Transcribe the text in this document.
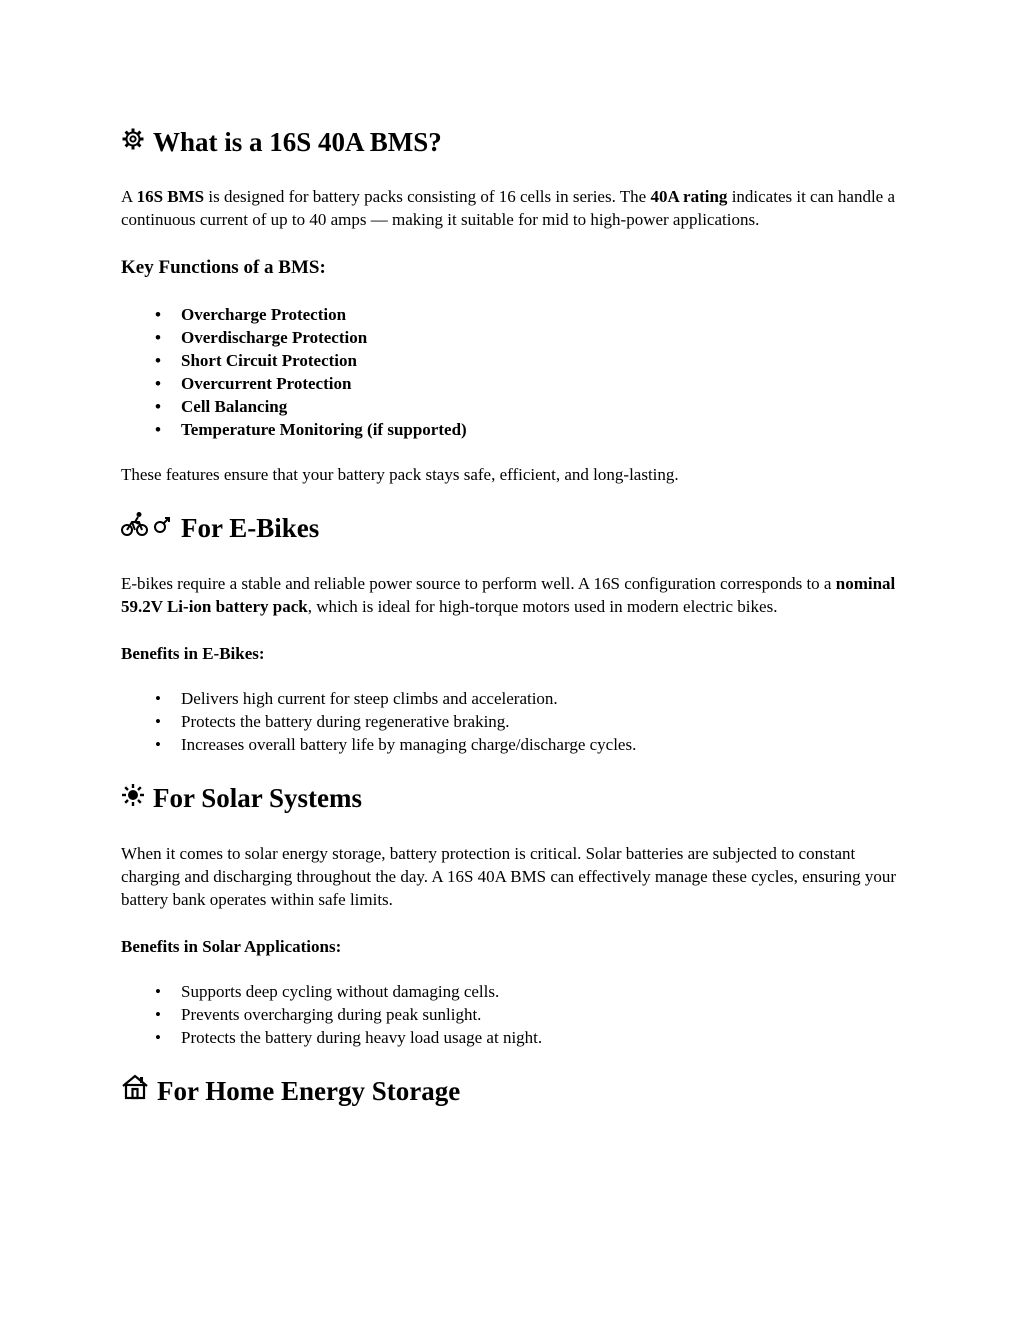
What is a 16S 40A BMS?

A 16S BMS is designed for battery packs consisting of 16 cells in series. The 40A rating indicates it can handle a continuous current of up to 40 amps — making it suitable for mid to high-power applications.

Key Functions of a BMS:
• Overcharge Protection
• Overdischarge Protection
• Short Circuit Protection
• Overcurrent Protection
• Cell Balancing
• Temperature Monitoring (if supported)

These features ensure that your battery pack stays safe, efficient, and long-lasting.

For E-Bikes

E-bikes require a stable and reliable power source to perform well. A 16S configuration corresponds to a nominal 59.2V Li-ion battery pack, which is ideal for high-torque motors used in modern electric bikes.

Benefits in E-Bikes:
• Delivers high current for steep climbs and acceleration.
• Protects the battery during regenerative braking.
• Increases overall battery life by managing charge/discharge cycles.
For Solar Systems

When it comes to solar energy storage, battery protection is critical. Solar batteries are subjected to constant charging and discharging throughout the day. A 16S 40A BMS can effectively manage these cycles, ensuring your battery bank operates within safe limits.

Benefits in Solar Applications:
• Supports deep cycling without damaging cells.
• Prevents overcharging during peak sunlight.
• Protects the battery during heavy load usage at night.
For Home Energy Storage
